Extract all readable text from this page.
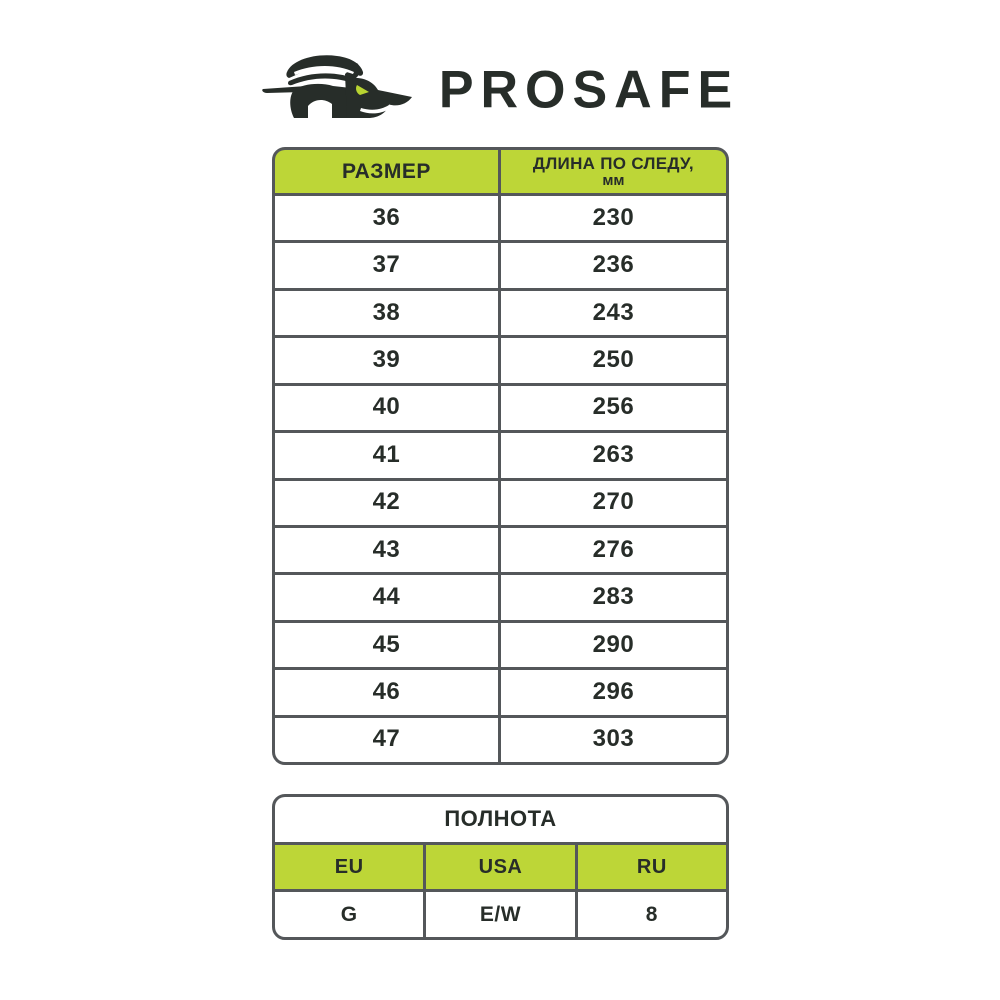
PROSAFE
РАЗМЕР	ДЛИНА ПО СЛЕДУ,
мм
36	230
37	236
38	243
39	250
40	256
41	263
42	270
43	276
44	283
45	290
46	296
47	303
ПОЛНОТА
EU	USA	RU
G	E/W	8
